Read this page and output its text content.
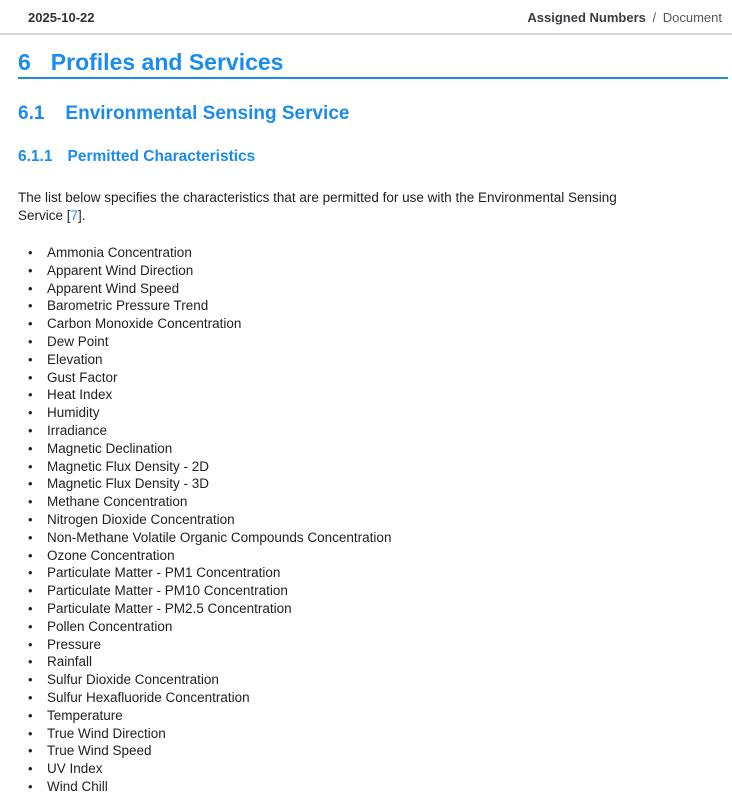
2025-10-22	Assigned Numbers / Document
6 Profiles and Services
6.1 Environmental Sensing Service
6.1.1 Permitted Characteristics

The list below specifies the characteristics that are permitted for use with the Environmental Sensing
Service [7].

• Ammonia Concentration
• Apparent Wind Direction
• Apparent Wind Speed
• Barometric Pressure Trend
• Carbon Monoxide Concentration
• Dew Point
• Elevation
• Gust Factor
• Heat Index
• Humidity
• Irradiance
• Magnetic Declination
• Magnetic Flux Density - 2D
• Magnetic Flux Density - 3D
• Methane Concentration
• Nitrogen Dioxide Concentration
• Non-Methane Volatile Organic Compounds Concentration
• Ozone Concentration
• Particulate Matter - PM1 Concentration
• Particulate Matter - PM10 Concentration
• Particulate Matter - PM2.5 Concentration
• Pollen Concentration
• Pressure
• Rainfall
• Sulfur Dioxide Concentration
• Sulfur Hexafluoride Concentration
• Temperature
• True Wind Direction
• True Wind Speed
• UV Index
• Wind Chill
